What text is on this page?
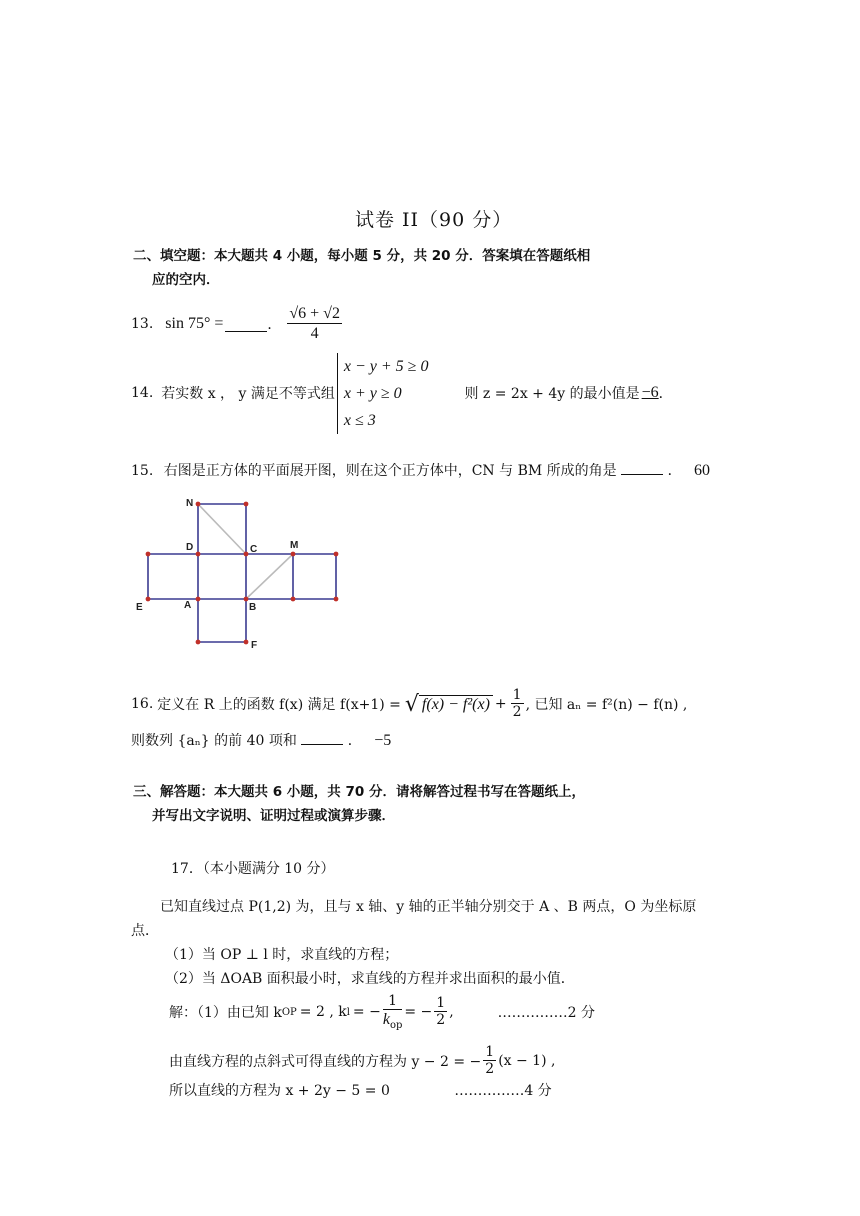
试卷 II（90 分）
二、填空题：本大题共 4 小题，每小题 5 分，共 20 分．答案填在答题纸相
应的空内．
13. sin 75° =	． $\frac{√6 + √2}{4}$
14. 若实数 x ， y 满足不等式组
x − y + 5 ≥ 0
x + y ≥ 0
x ≤ 3
则 z = 2x + 4y 的最小值是 −6 ．
15. 右图是正方体的平面展开图，则在这个正方体中，CN 与 BM 所成的角是	． 60
N
D	C	M
E	A	B
F
16. 定义在 R 上的函数 f(x) 满足 f(x+1) = √ $f(x) - f^2(x) + \frac{1}{2}$ , 已知 aₙ = f²(n) − f(n) ,
则数列 {aₙ} 的前 40 项和	． −5
三、解答题：本大题共 6 小题，共 70 分．请将解答过程书写在答题纸上，
并写出文字说明、证明过程或演算步骤．
17．（本小题满分 10 分）
已知直线过点 P(1,2) 为，且与 x 轴、y 轴的正半轴分别交于 A 、B 两点，O 为坐标原
点．
（1）当 OP ⊥ l 时，求直线的方程；
（2）当 ΔOAB 面积最小时，求直线的方程并求出面积的最小值．
解：（1）由已知 k OP = 2 , k l = − $\frac{1}{k_{op}}$ = − $\frac{1}{2}$ ,	……………2 分
由直线方程的点斜式可得直线的方程为 y − 2 = − $\frac{1}{2} (x - 1)$ ,
所以直线的方程为 x + 2y − 5 = 0	……………4 分
